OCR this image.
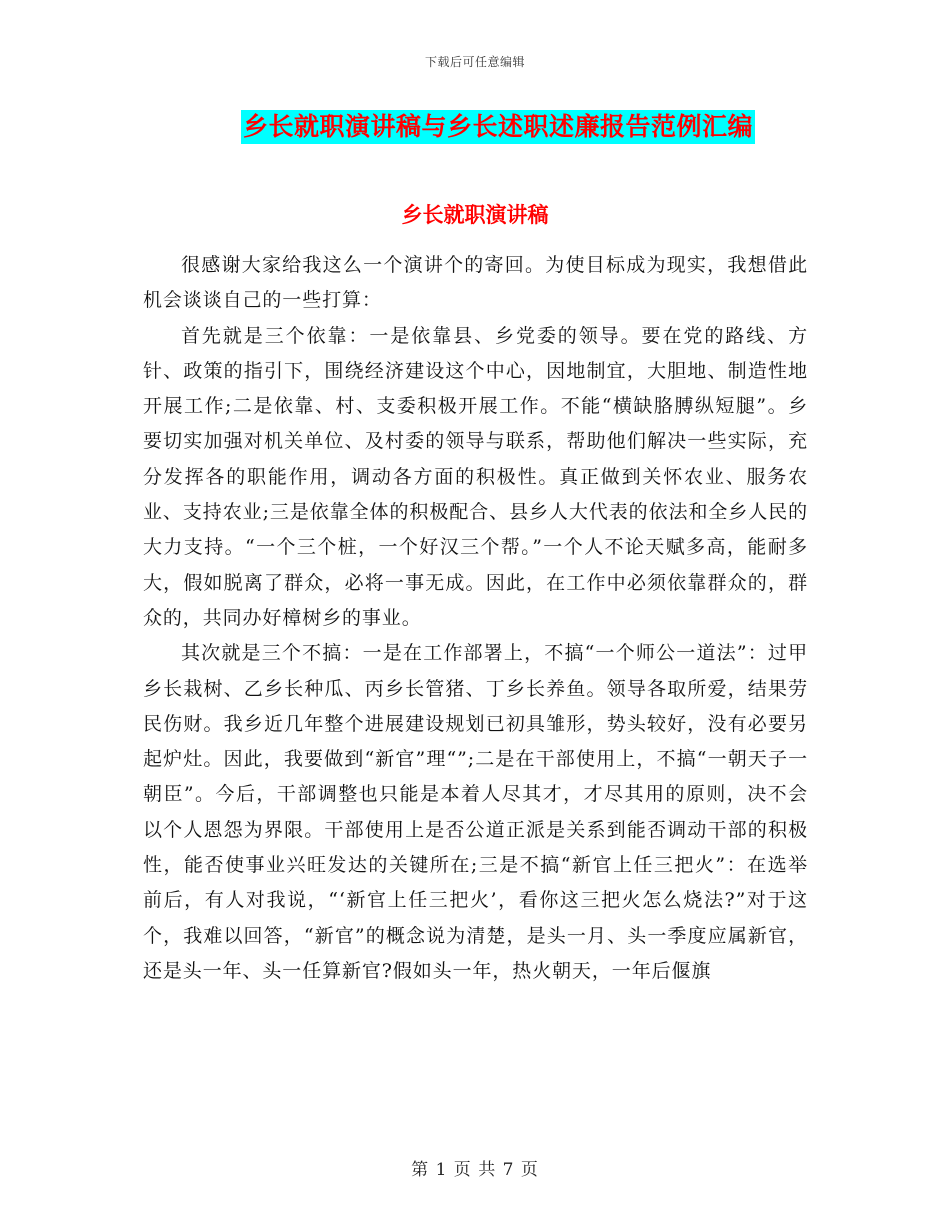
下载后可任意编辑
乡长就职演讲稿与乡长述职述廉报告范例汇编
乡长就职演讲稿

很感谢大家给我这么一个演讲个的寄回。为使目标成为现实，我想借此机会谈谈自己的一些打算：

首先就是三个依靠：一是依靠县、乡党委的领导。要在党的路线、方针、政策的指引下，围绕经济建设这个中心，因地制宜，大胆地、制造性地开展工作;二是依靠、村、支委积极开展工作。不能“横缺胳膊纵短腿”。乡要切实加强对机关单位、及村委的领导与联系，帮助他们解决一些实际，充分发挥各的职能作用，调动各方面的积极性。真正做到关怀农业、服务农业、支持农业;三是依靠全体的积极配合、县乡人大代表的依法和全乡人民的大力支持。“一个三个桩，一个好汉三个帮。”一个人不论天赋多高，能耐多大，假如脱离了群众，必将一事无成。因此，在工作中必须依靠群众的，群众的，共同办好樟树乡的事业。

其次就是三个不搞：一是在工作部署上，不搞“一个师公一道法”：过甲乡长栽树、乙乡长种瓜、丙乡长管猪、丁乡长养鱼。领导各取所爱，结果劳民伤财。我乡近几年整个进展建设规划已初具雏形，势头较好，没有必要另起炉灶。因此，我要做到“新官”理“”;二是在干部使用上，不搞“一朝天子一朝臣”。今后，干部调整也只能是本着人尽其才，才尽其用的原则，决不会以个人恩怨为界限。干部使用上是否公道正派是关系到能否调动干部的积极性，能否使事业兴旺发达的关键所在;三是不搞“新官上任三把火”：在选举前后，有人对我说，“‘新官上任三把火’，看你这三把火怎么烧法?”对于这个，我难以回答，“新官”的概念说为清楚，是头一月、头一季度应属新官，还是头一年、头一任算新官?假如头一年，热火朝天，一年后偃旗

第 1 页 共 7 页
